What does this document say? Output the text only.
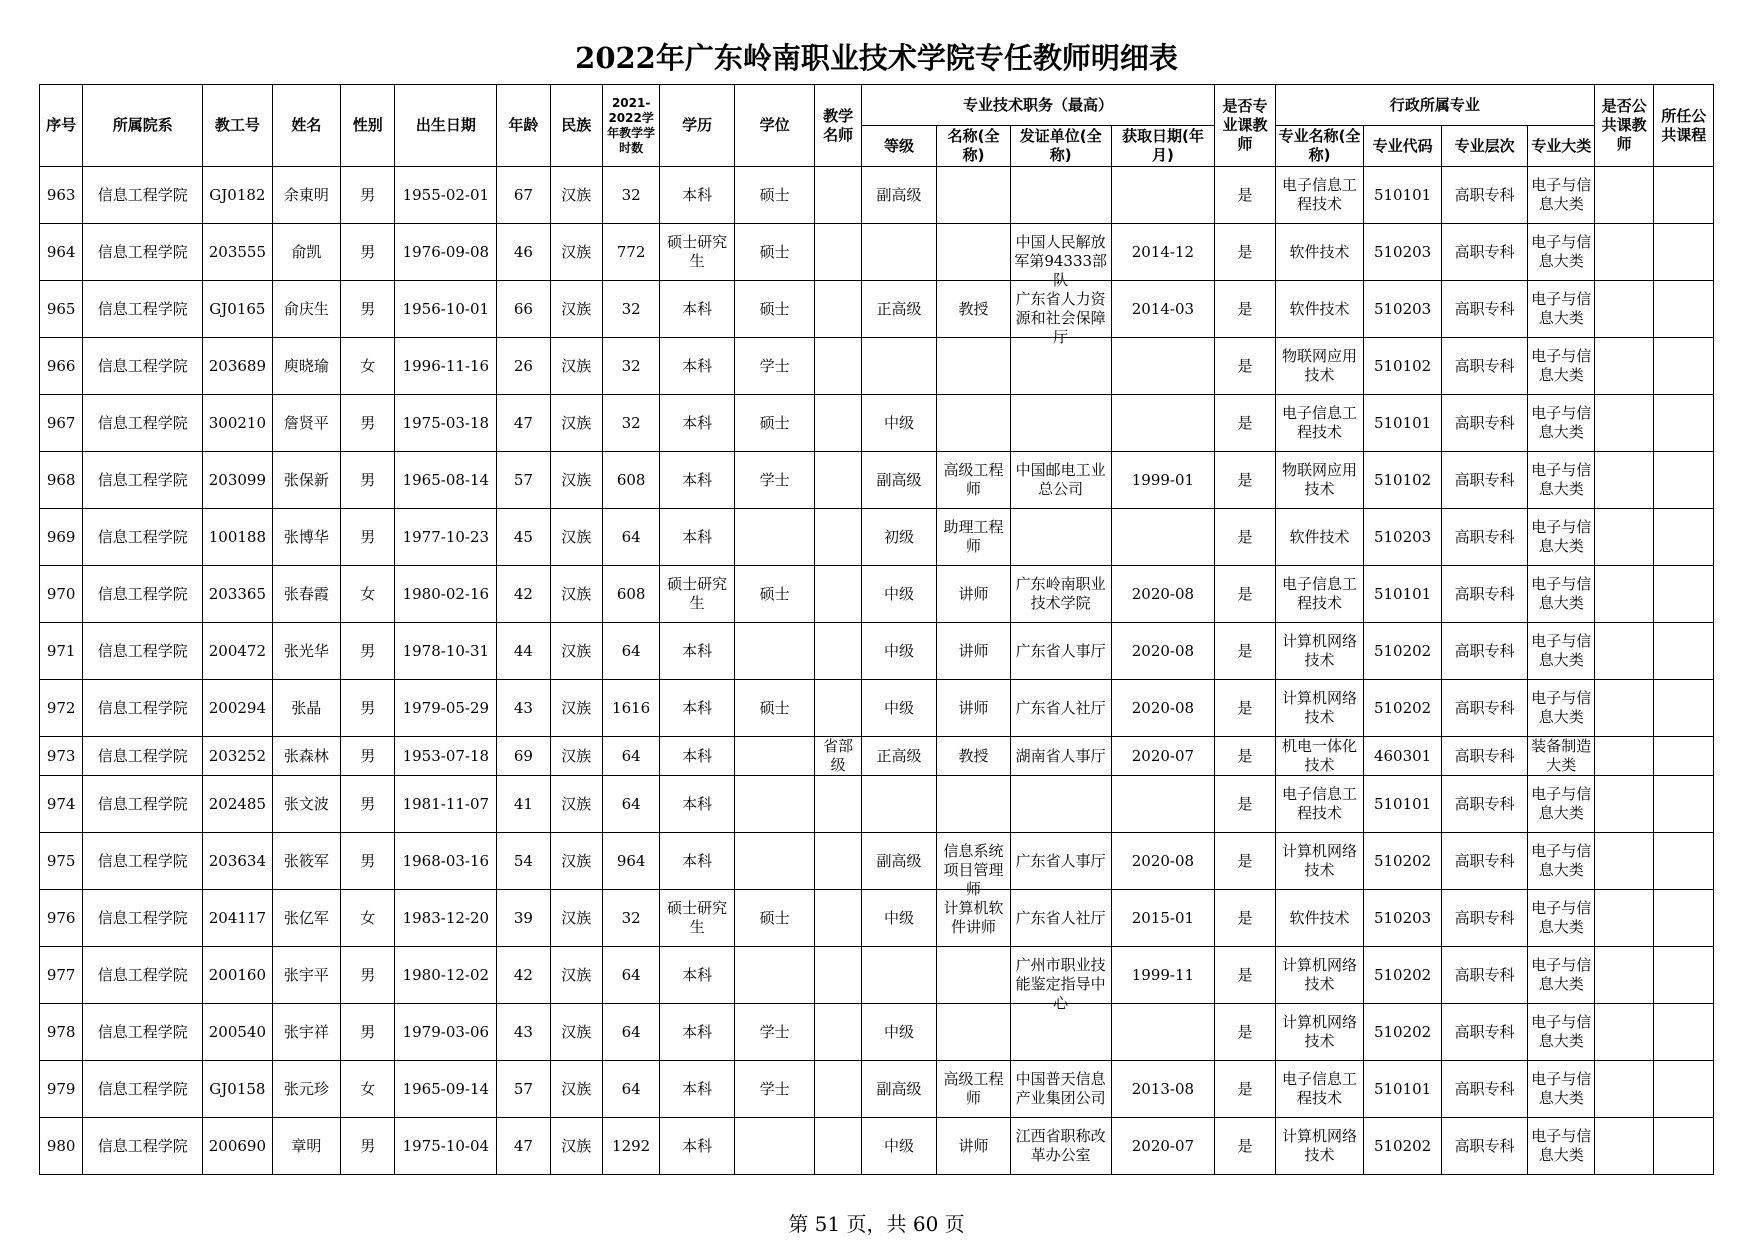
2022年广东岭南职业技术学院专任教师明细表
序号	所属院系	教工号	姓名	性别	出生日期	年龄	民族	2021-2022学年教学学时数	学历	学位	教学名师	专业技术职务（最高）				是否专业课教师	行政所属专业				是否公共课教师	所任公共课程
												等级	名称(全称)	发证单位(全称)	获取日期(年月)		专业名称(全称)	专业代码	专业层次	专业大类		

963	信息工程学院	GJ0182	余東明	男	1955-02-01	67	汉族	32	本科	硕士		副高级				是	电子信息工程技术	510101	高职专科	电子与信息大类		

964	信息工程学院	203555	俞凯	男	1976-09-08	46	汉族	772	硕士研究生	硕士				中国人民解放军第94333部队	2014-12	是	软件技术	510203	高职专科	电子与信息大类		

965	信息工程学院	GJ0165	俞庆生	男	1956-10-01	66	汉族	32	本科	硕士		正高级	教授	广东省人力资源和社会保障厅	2014-03	是	软件技术	510203	高职专科	电子与信息大类		

966	信息工程学院	203689	庾晓瑜	女	1996-11-16	26	汉族	32	本科	学士						是	物联网应用技术	510102	高职专科	电子与信息大类		

967	信息工程学院	300210	詹贤平	男	1975-03-18	47	汉族	32	本科	硕士		中级				是	电子信息工程技术	510101	高职专科	电子与信息大类		

968	信息工程学院	203099	张保新	男	1965-08-14	57	汉族	608	本科	学士		副高级	高级工程师	中国邮电工业总公司	1999-01	是	物联网应用技术	510102	高职专科	电子与信息大类		

969	信息工程学院	100188	张博华	男	1977-10-23	45	汉族	64	本科			初级	助理工程师			是	软件技术	510203	高职专科	电子与信息大类		

970	信息工程学院	203365	张春霞	女	1980-02-16	42	汉族	608	硕士研究生	硕士		中级	讲师	广东岭南职业技术学院	2020-08	是	电子信息工程技术	510101	高职专科	电子与信息大类		

971	信息工程学院	200472	张光华	男	1978-10-31	44	汉族	64	本科			中级	讲师	广东省人事厅	2020-08	是	计算机网络技术	510202	高职专科	电子与信息大类		

972	信息工程学院	200294	张晶	男	1979-05-29	43	汉族	1616	本科	硕士		中级	讲师	广东省人社厅	2020-08	是	计算机网络技术	510202	高职专科	电子与信息大类		

973	信息工程学院	203252	张森林	男	1953-07-18	69	汉族	64	本科		省部级	正高级	教授	湖南省人事厅	2020-07	是	机电一体化技术	460301	高职专科	装备制造大类		

974	信息工程学院	202485	张文波	男	1981-11-07	41	汉族	64	本科							是	电子信息工程技术	510101	高职专科	电子与信息大类		

975	信息工程学院	203634	张筱军	男	1968-03-16	54	汉族	964	本科			副高级	信息系统项目管理师	广东省人事厅	2020-08	是	计算机网络技术	510202	高职专科	电子与信息大类		

976	信息工程学院	204117	张亿军	女	1983-12-20	39	汉族	32	硕士研究生	硕士		中级	计算机软件讲师	广东省人社厅	2015-01	是	软件技术	510203	高职专科	电子与信息大类		

977	信息工程学院	200160	张宇平	男	1980-12-02	42	汉族	64	本科					广州市职业技能鉴定指导中心	1999-11	是	计算机网络技术	510202	高职专科	电子与信息大类		

978	信息工程学院	200540	张宇祥	男	1979-03-06	43	汉族	64	本科	学士		中级				是	计算机网络技术	510202	高职专科	电子与信息大类		

979	信息工程学院	GJ0158	张元珍	女	1965-09-14	57	汉族	64	本科	学士		副高级	高级工程师	中国普天信息产业集团公司	2013-08	是	电子信息工程技术	510101	高职专科	电子与信息大类		

980	信息工程学院	200690	章明	男	1975-10-04	47	汉族	1292	本科			中级	讲师	江西省职称改革办公室	2020-07	是	计算机网络技术	510202	高职专科	电子与信息大类		

第 51 页，共 60 页
